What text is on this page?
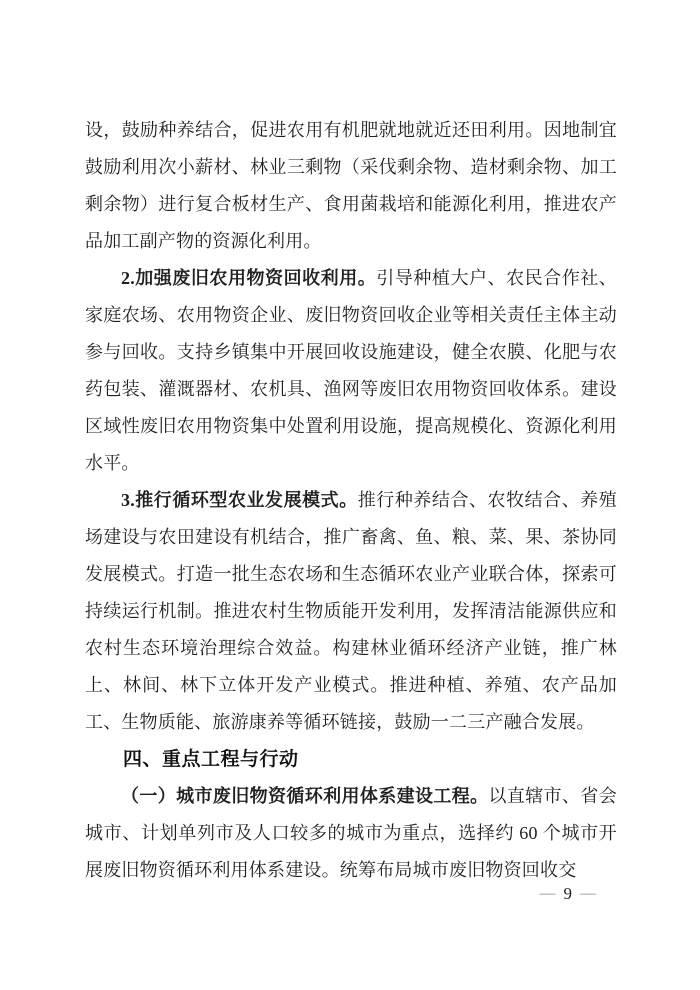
设，鼓励种养结合，促进农用有机肥就地就近还田利用。因地制宜鼓励利用次小薪材、林业三剩物（采伐剩余物、造材剩余物、加工剩余物）进行复合板材生产、食用菌栽培和能源化利用，推进农产品加工副产物的资源化利用。

2.加强废旧农用物资回收利用。引导种植大户、农民合作社、家庭农场、农用物资企业、废旧物资回收企业等相关责任主体主动参与回收。支持乡镇集中开展回收设施建设，健全农膜、化肥与农药包装、灌溉器材、农机具、渔网等废旧农用物资回收体系。建设区域性废旧农用物资集中处置利用设施，提高规模化、资源化利用水平。

3.推行循环型农业发展模式。推行种养结合、农牧结合、养殖场建设与农田建设有机结合，推广畜禽、鱼、粮、菜、果、茶协同发展模式。打造一批生态农场和生态循环农业产业联合体，探索可持续运行机制。推进农村生物质能开发利用，发挥清洁能源供应和农村生态环境治理综合效益。构建林业循环经济产业链，推广林上、林间、林下立体开发产业模式。推进种植、养殖、农产品加工、生物质能、旅游康养等循环链接，鼓励一二三产融合发展。

四、重点工程与行动

（一）城市废旧物资循环利用体系建设工程。以直辖市、省会城市、计划单列市及人口较多的城市为重点，选择约 60 个城市开展废旧物资循环利用体系建设。统筹布局城市废旧物资回收交

— 9 —
